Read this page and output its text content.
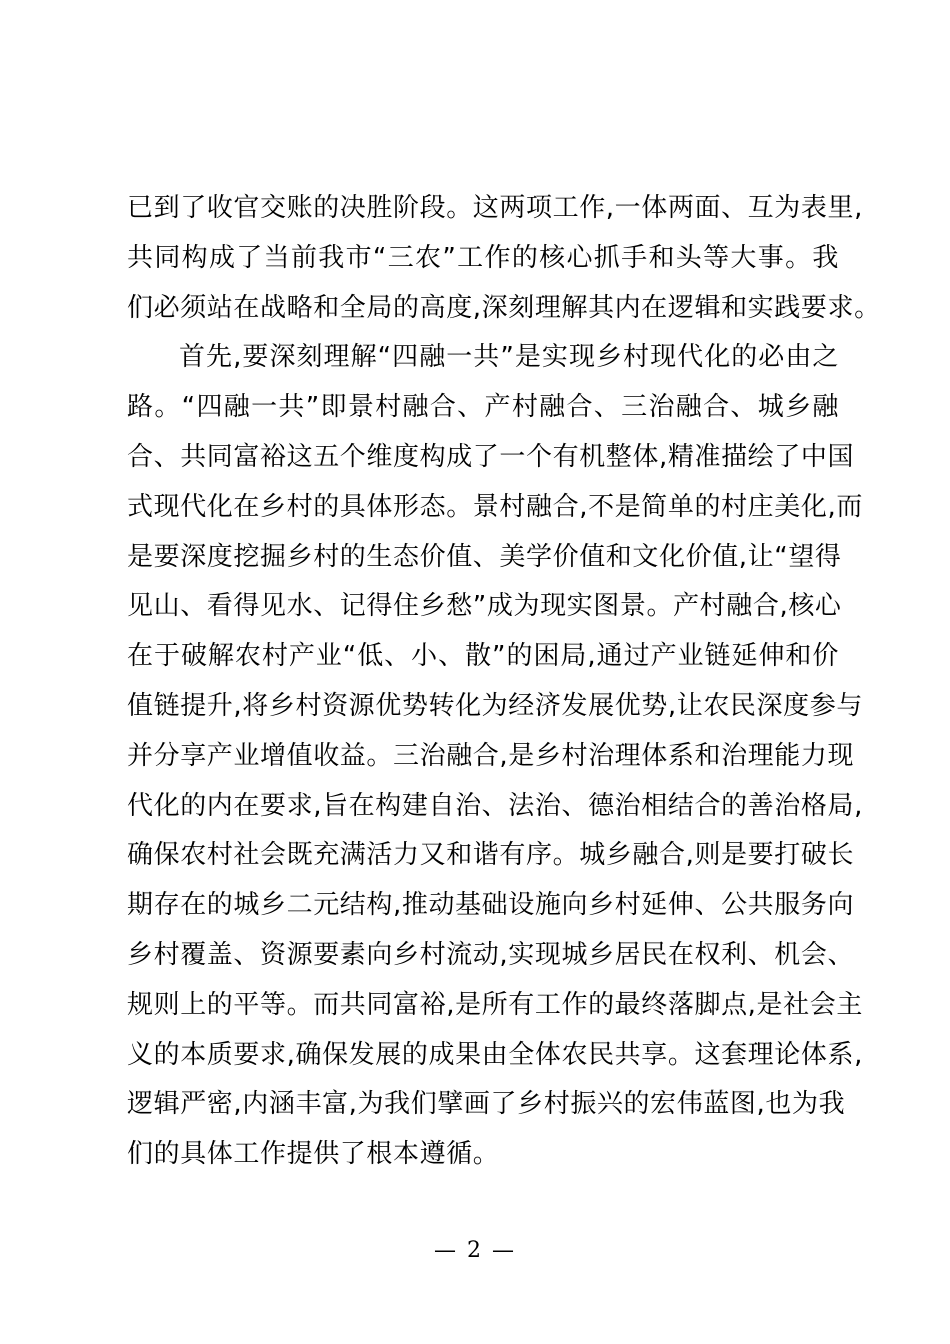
已到了收官交账的决胜阶段。这两项工作,一体两面、互为表里,
共同构成了当前我市“三农”工作的核心抓手和头等大事。我
们必须站在战略和全局的高度,深刻理解其内在逻辑和实践要求。
首先,要深刻理解“四融一共”是实现乡村现代化的必由之
路。“四融一共”即景村融合、产村融合、三治融合、城乡融
合、共同富裕这五个维度构成了一个有机整体,精准描绘了中国
式现代化在乡村的具体形态。景村融合,不是简单的村庄美化,而
是要深度挖掘乡村的生态价值、美学价值和文化价值,让“望得
见山、看得见水、记得住乡愁”成为现实图景。产村融合,核心
在于破解农村产业“低、小、散”的困局,通过产业链延伸和价
值链提升,将乡村资源优势转化为经济发展优势,让农民深度参与
并分享产业增值收益。三治融合,是乡村治理体系和治理能力现
代化的内在要求,旨在构建自治、法治、德治相结合的善治格局,
确保农村社会既充满活力又和谐有序。城乡融合,则是要打破长
期存在的城乡二元结构,推动基础设施向乡村延伸、公共服务向
乡村覆盖、资源要素向乡村流动,实现城乡居民在权利、机会、
规则上的平等。而共同富裕,是所有工作的最终落脚点,是社会主
义的本质要求,确保发展的成果由全体农民共享。这套理论体系,
逻辑严密,内涵丰富,为我们擘画了乡村振兴的宏伟蓝图,也为我
们的具体工作提供了根本遵循。
— 2 —
